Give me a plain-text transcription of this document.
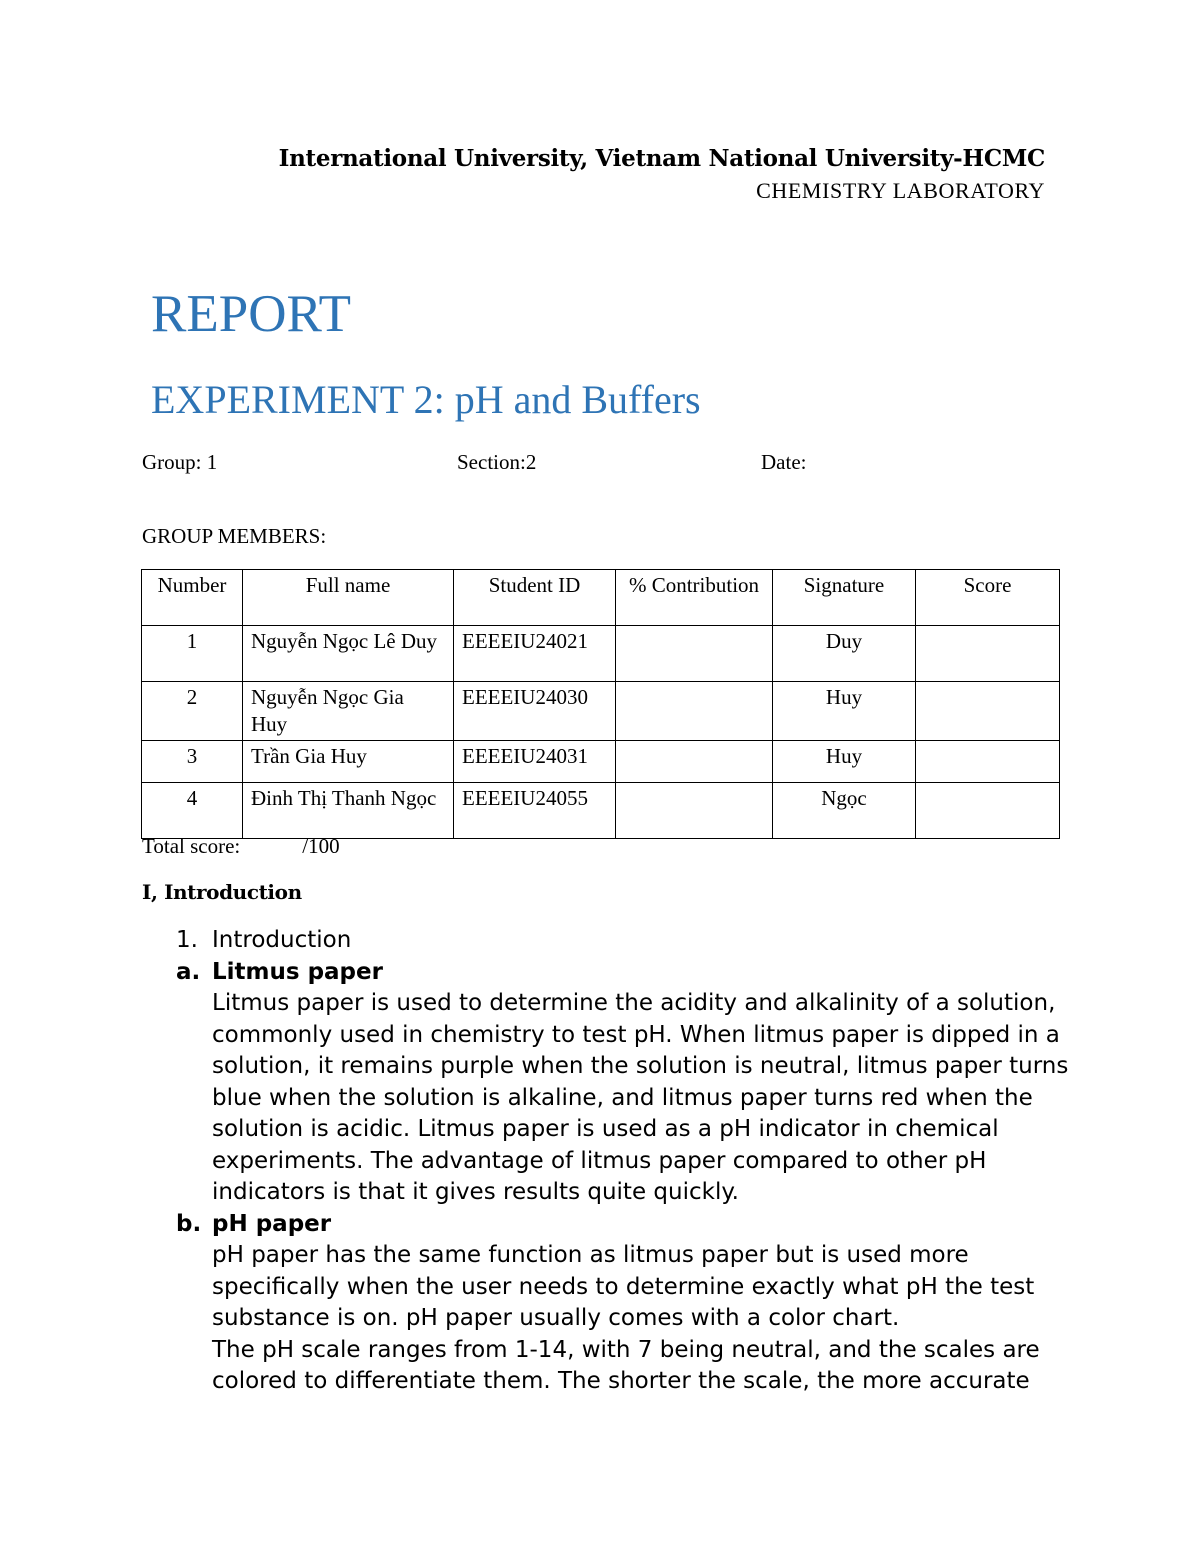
International University, Vietnam National University-HCMC
CHEMISTRY LABORATORY
REPORT
EXPERIMENT 2: pH and Buffers
Group: 1	Section:2	Date:
GROUP MEMBERS:
Number	Full name	Student ID	% Contribution	Signature	Score
1	Nguyễn Ngọc Lê Duy	EEEEIU24021		Duy	
2	Nguyễn Ngọc Gia Huy	EEEEIU24030		Huy	
3	Trần Gia Huy	EEEEIU24031		Huy	
4	Đinh Thị Thanh Ngọc	EEEEIU24055		Ngọc	
Total score:	/100
I, Introduction
1. Introduction
a. Litmus paper
Litmus paper is used to determine the acidity and alkalinity of a solution, commonly used in chemistry to test pH. When litmus paper is dipped in a solution, it remains purple when the solution is neutral, litmus paper turns blue when the solution is alkaline, and litmus paper turns red when the solution is acidic. Litmus paper is used as a pH indicator in chemical experiments. The advantage of litmus paper compared to other pH indicators is that it gives results quite quickly.
b. pH paper
pH paper has the same function as litmus paper but is used more specifically when the user needs to determine exactly what pH the test substance is on. pH paper usually comes with a color chart.
The pH scale ranges from 1-14, with 7 being neutral, and the scales are colored to differentiate them. The shorter the scale, the more accurate
